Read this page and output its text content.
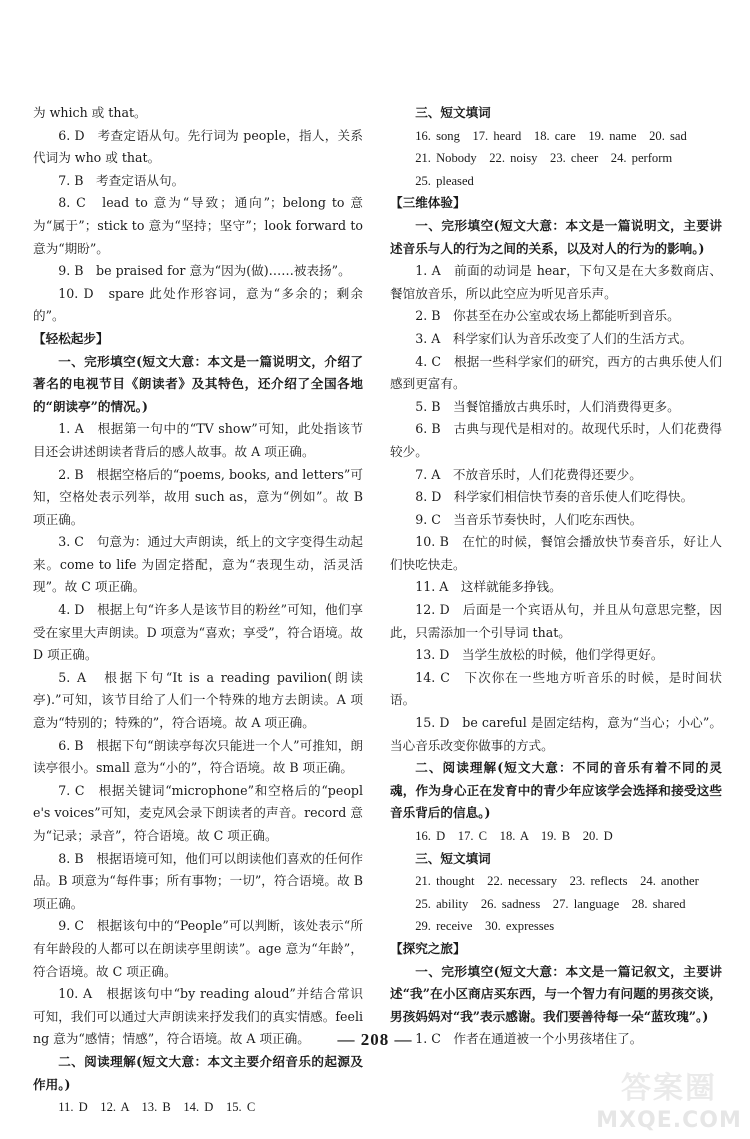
为 which 或 that。

6. D　考查定语从句。先行词为 people，指人，关系代词为 who 或 that。

7. B　考查定语从句。

8. C　lead to 意为“导致；通向”；belong to 意为“属于”；stick to 意为“坚持；坚守”；look forward to 意为“期盼”。

9. B　be praised for 意为“因为(做)……被表扬”。

10. D　spare 此处作形容词，意为“多余的；剩余的”。

【轻松起步】

一、完形填空(短文大意：本文是一篇说明文，介绍了著名的电视节目《朗读者》及其特色，还介绍了全国各地的“朗读亭”的情况。)

1. A　根据第一句中的“TV show”可知，此处指该节目还会讲述朗读者背后的感人故事。故 A 项正确。

2. B　根据空格后的“poems, books, and letters”可知，空格处表示列举，故用 such as，意为“例如”。故 B 项正确。

3. C　句意为：通过大声朗读，纸上的文字变得生动起来。come to life 为固定搭配，意为“表现生动，活灵活现”。故 C 项正确。

4. D　根据上句“许多人是该节目的粉丝”可知，他们享受在家里大声朗读。D 项意为“喜欢；享受”，符合语境。故 D 项正确。

5. A　根据下句“It is a reading pavilion(朗读亭).”可知，该节目给了人们一个特殊的地方去朗读。A 项意为“特别的；特殊的”，符合语境。故 A 项正确。

6. B　根据下句“朗读亭每次只能进一个人”可推知，朗读亭很小。small 意为“小的”，符合语境。故 B 项正确。

7. C　根据关键词“microphone”和空格后的“people's voices”可知，麦克风会录下朗读者的声音。record 意为“记录；录音”，符合语境。故 C 项正确。

8. B　根据语境可知，他们可以朗读他们喜欢的任何作品。B 项意为“每件事；所有事物；一切”，符合语境。故 B 项正确。

9. C　根据该句中的“People”可以判断，该处表示“所有年龄段的人都可以在朗读亭里朗读”。age 意为“年龄”，符合语境。故 C 项正确。

10. A　根据该句中“by reading aloud”并结合常识可知，我们可以通过大声朗读来抒发我们的真实情感。feeling 意为“感情；情感”，符合语境。故 A 项正确。

二、阅读理解(短文大意：本文主要介绍音乐的起源及作用。)

11. D　12. A　13. B　14. D　15. C

三、短文填词

16. song　17. heard　18. care　19. name　20. sad

21. Nobody　22. noisy　23. cheer　24. perform

25. pleased

【三维体验】

一、完形填空(短文大意：本文是一篇说明文，主要讲述音乐与人的行为之间的关系，以及对人的行为的影响。)

1. A　前面的动词是 hear，下句又是在大多数商店、餐馆放音乐，所以此空应为听见音乐声。

2. B　你甚至在办公室或农场上都能听到音乐。

3. A　科学家们认为音乐改变了人们的生活方式。

4. C　根据一些科学家们的研究，西方的古典乐使人们感到更富有。

5. B　当餐馆播放古典乐时，人们消费得更多。

6. B　古典与现代是相对的。故现代乐时，人们花费得较少。

7. A　不放音乐时，人们花费得还要少。

8. D　科学家们相信快节奏的音乐使人们吃得快。

9. C　当音乐节奏快时，人们吃东西快。

10. B　在忙的时候，餐馆会播放快节奏音乐，好让人们快吃快走。

11. A　这样就能多挣钱。

12. D　后面是一个宾语从句，并且从句意思完整，因此，只需添加一个引导词 that。

13. D　当学生放松的时候，他们学得更好。

14. C　下次你在一些地方听音乐的时候，是时间状语。

15. D　be careful 是固定结构，意为“当心；小心”。当心音乐改变你做事的方式。

二、阅读理解(短文大意：不同的音乐有着不同的灵魂，作为身心正在发育中的青少年应该学会选择和接受这些音乐背后的信息。)

16. D　17. C　18. A　19. B　20. D

三、短文填词

21. thought　22. necessary　23. reflects　24. another

25. ability　26. sadness　27. language　28. shared

29. receive　30. expresses

【探究之旅】

一、完形填空(短文大意：本文是一篇记叙文，主要讲述“我”在小区商店买东西，与一个智力有问题的男孩交谈，男孩妈妈对“我”表示感谢。我们要善待每一朵“蓝玫瑰”。)

1. C　作者在通道被一个小男孩堵住了。

— 208 —
答案圈
MXQE.COM
